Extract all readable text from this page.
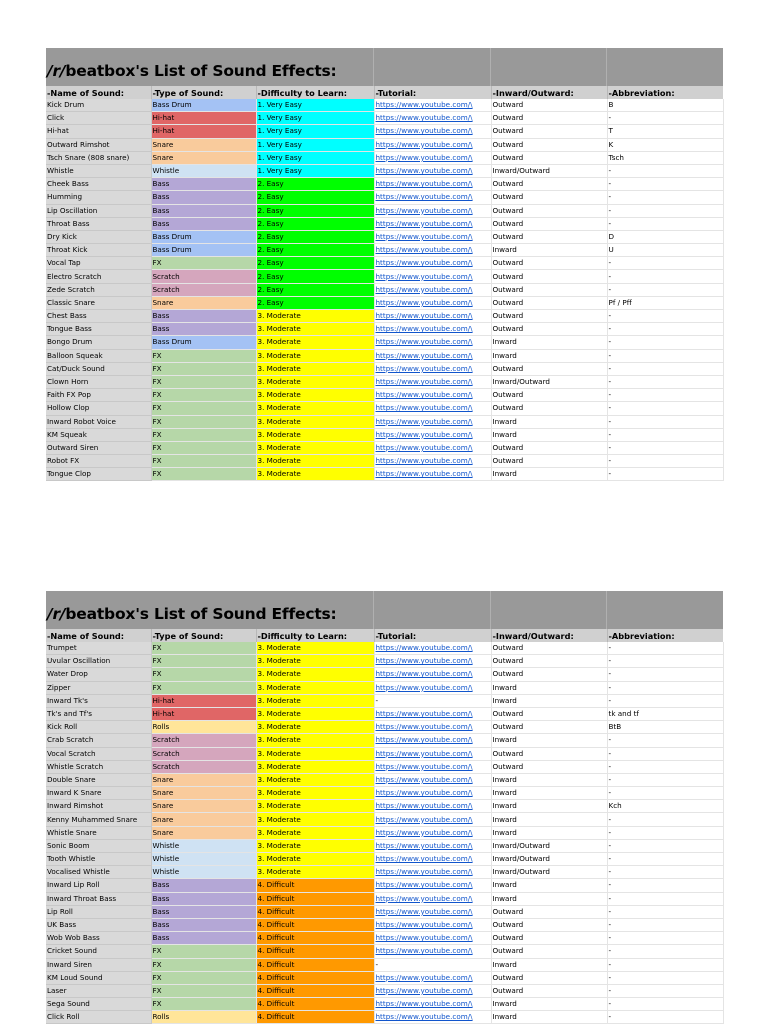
/r/beatbox's List of Sound Effects:
-Name of Sound:	-Type of Sound:	-Difficulty to Learn:	-Tutorial:	-Inward/Outward:	-Abbreviation:
Kick Drum	Bass Drum	1. Very Easy	https://www.youtube.com/\	Outward	B
Click	Hi-hat	1. Very Easy	https://www.youtube.com/\	Outward	-
Hi-hat	Hi-hat	1. Very Easy	https://www.youtube.com/\	Outward	T
Outward Rimshot	Snare	1. Very Easy	https://www.youtube.com/\	Outward	K
Tsch Snare (808 snare)	Snare	1. Very Easy	https://www.youtube.com/\	Outward	Tsch
Whistle	Whistle	1. Very Easy	https://www.youtube.com/\	Inward/Outward	-
Cheek Bass	Bass	2. Easy	https://www.youtube.com/\	Outward	-
Humming	Bass	2. Easy	https://www.youtube.com/\	Outward	-
Lip Oscillation	Bass	2. Easy	https://www.youtube.com/\	Outward	-
Throat Bass	Bass	2. Easy	https://www.youtube.com/\	Outward	-
Dry Kick	Bass Drum	2. Easy	https://www.youtube.com/\	Outward	D
Throat Kick	Bass Drum	2. Easy	https://www.youtube.com/\	Inward	U
Vocal Tap	FX	2. Easy	https://www.youtube.com/\	Outward	-
Electro Scratch	Scratch	2. Easy	https://www.youtube.com/\	Outward	-
Zede Scratch	Scratch	2. Easy	https://www.youtube.com/\	Outward	-
Classic Snare	Snare	2. Easy	https://www.youtube.com/\	Outward	Pf / Pff
Chest Bass	Bass	3. Moderate	https://www.youtube.com/\	Outward	-
Tongue Bass	Bass	3. Moderate	https://www.youtube.com/\	Outward	-
Bongo Drum	Bass Drum	3. Moderate	https://www.youtube.com/\	Inward	-
Balloon Squeak	FX	3. Moderate	https://www.youtube.com/\	Inward	-
Cat/Duck Sound	FX	3. Moderate	https://www.youtube.com/\	Outward	-
Clown Horn	FX	3. Moderate	https://www.youtube.com/\	Inward/Outward	-
Faith FX Pop	FX	3. Moderate	https://www.youtube.com/\	Outward	-
Hollow Clop	FX	3. Moderate	https://www.youtube.com/\	Outward	-
Inward Robot Voice	FX	3. Moderate	https://www.youtube.com/\	Inward	-
KM Squeak	FX	3. Moderate	https://www.youtube.com/\	Inward	-
Outward Siren	FX	3. Moderate	https://www.youtube.com/\	Outward	-
Robot FX	FX	3. Moderate	https://www.youtube.com/\	Outward	-
Tongue Clop	FX	3. Moderate	https://www.youtube.com/\	Inward	-
/r/beatbox's List of Sound Effects:
-Name of Sound:	-Type of Sound:	-Difficulty to Learn:	-Tutorial:	-Inward/Outward:	-Abbreviation:
Trumpet	FX	3. Moderate	https://www.youtube.com/\	Outward	-
Uvular Oscillation	FX	3. Moderate	https://www.youtube.com/\	Outward	-
Water Drop	FX	3. Moderate	https://www.youtube.com/\	Outward	-
Zipper	FX	3. Moderate	https://www.youtube.com/\	Inward	-
Inward Tk's	Hi-hat	3. Moderate	-	Inward	-
Tk's and Tf's	Hi-hat	3. Moderate	https://www.youtube.com/\	Outward	tk and tf
Kick Roll	Rolls	3. Moderate	https://www.youtube.com/\	Outward	BtB
Crab Scratch	Scratch	3. Moderate	https://www.youtube.com/\	Inward	-
Vocal Scratch	Scratch	3. Moderate	https://www.youtube.com/\	Outward	-
Whistle Scratch	Scratch	3. Moderate	https://www.youtube.com/\	Outward	-
Double Snare	Snare	3. Moderate	https://www.youtube.com/\	Inward	-
Inward K Snare	Snare	3. Moderate	https://www.youtube.com/\	Inward	-
Inward Rimshot	Snare	3. Moderate	https://www.youtube.com/\	Inward	Kch
Kenny Muhammed Snare	Snare	3. Moderate	https://www.youtube.com/\	Inward	-
Whistle Snare	Snare	3. Moderate	https://www.youtube.com/\	Inward	-
Sonic Boom	Whistle	3. Moderate	https://www.youtube.com/\	Inward/Outward	-
Tooth Whistle	Whistle	3. Moderate	https://www.youtube.com/\	Inward/Outward	-
Vocalised Whistle	Whistle	3. Moderate	https://www.youtube.com/\	Inward/Outward	-
Inward Lip Roll	Bass	4. Difficult	https://www.youtube.com/\	Inward	-
Inward Throat Bass	Bass	4. Difficult	https://www.youtube.com/\	Inward	-
Lip Roll	Bass	4. Difficult	https://www.youtube.com/\	Outward	-
UK Bass	Bass	4. Difficult	https://www.youtube.com/\	Outward	-
Wob Wob Bass	Bass	4. Difficult	https://www.youtube.com/\	Outward	-
Cricket Sound	FX	4. Difficult	https://www.youtube.com/\	Outward	-
Inward Siren	FX	4. Difficult	-	Inward	-
KM Loud Sound	FX	4. Difficult	https://www.youtube.com/\	Outward	-
Laser	FX	4. Difficult	https://www.youtube.com/\	Outward	-
Sega Sound	FX	4. Difficult	https://www.youtube.com/\	Inward	-
Click Roll	Rolls	4. Difficult	https://www.youtube.com/\	Inward	-
